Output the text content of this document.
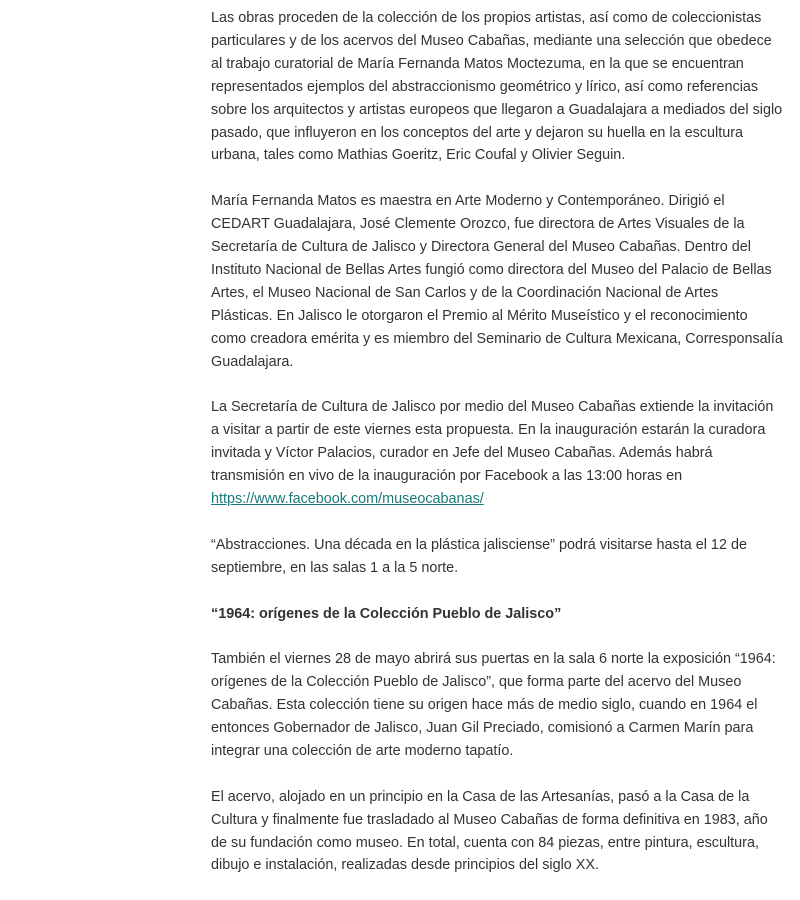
Las obras proceden de la colección de los propios artistas, así como de coleccionistas particulares y de los acervos del Museo Cabañas, mediante una selección que obedece al trabajo curatorial de María Fernanda Matos Moctezuma, en la que se encuentran representados ejemplos del abstraccionismo geométrico y lírico, así como referencias sobre los arquitectos y artistas europeos que llegaron a Guadalajara a mediados del siglo pasado, que influyeron en los conceptos del arte y dejaron su huella en la escultura urbana, tales como Mathias Goeritz, Eric Coufal y Olivier Seguin.

María Fernanda Matos es maestra en Arte Moderno y Contemporáneo. Dirigió el CEDART Guadalajara, José Clemente Orozco, fue directora de Artes Visuales de la Secretaría de Cultura de Jalisco y Directora General del Museo Cabañas. Dentro del Instituto Nacional de Bellas Artes fungió como directora del Museo del Palacio de Bellas Artes, el Museo Nacional de San Carlos y de la Coordinación Nacional de Artes Plásticas. En Jalisco le otorgaron el Premio al Mérito Museístico y el reconocimiento como creadora emérita y es miembro del Seminario de Cultura Mexicana, Corresponsalía Guadalajara.

La Secretaría de Cultura de Jalisco por medio del Museo Cabañas extiende la invitación a visitar a partir de este viernes esta propuesta. En la inauguración estarán la curadora invitada y Víctor Palacios, curador en Jefe del Museo Cabañas. Además habrá transmisión en vivo de la inauguración por Facebook a las 13:00 horas en https://www.facebook.com/museocabanas/

“Abstracciones. Una década en la plástica jalisciense” podrá visitarse hasta el 12 de septiembre, en las salas 1 a la 5 norte.

“1964: orígenes de la Colección Pueblo de Jalisco”

También el viernes 28 de mayo abrirá sus puertas en la sala 6 norte la exposición “1964: orígenes de la Colección Pueblo de Jalisco”, que forma parte del acervo del Museo Cabañas. Esta colección tiene su origen hace más de medio siglo, cuando en 1964 el entonces Gobernador de Jalisco, Juan Gil Preciado, comisionó a Carmen Marín para integrar una colección de arte moderno tapatío.

El acervo, alojado en un principio en la Casa de las Artesanías, pasó a la Casa de la Cultura y finalmente fue trasladado al Museo Cabañas de forma definitiva en 1983, año de su fundación como museo. En total, cuenta con 84 piezas, entre pintura, escultura, dibujo e instalación, realizadas desde principios del siglo XX.
